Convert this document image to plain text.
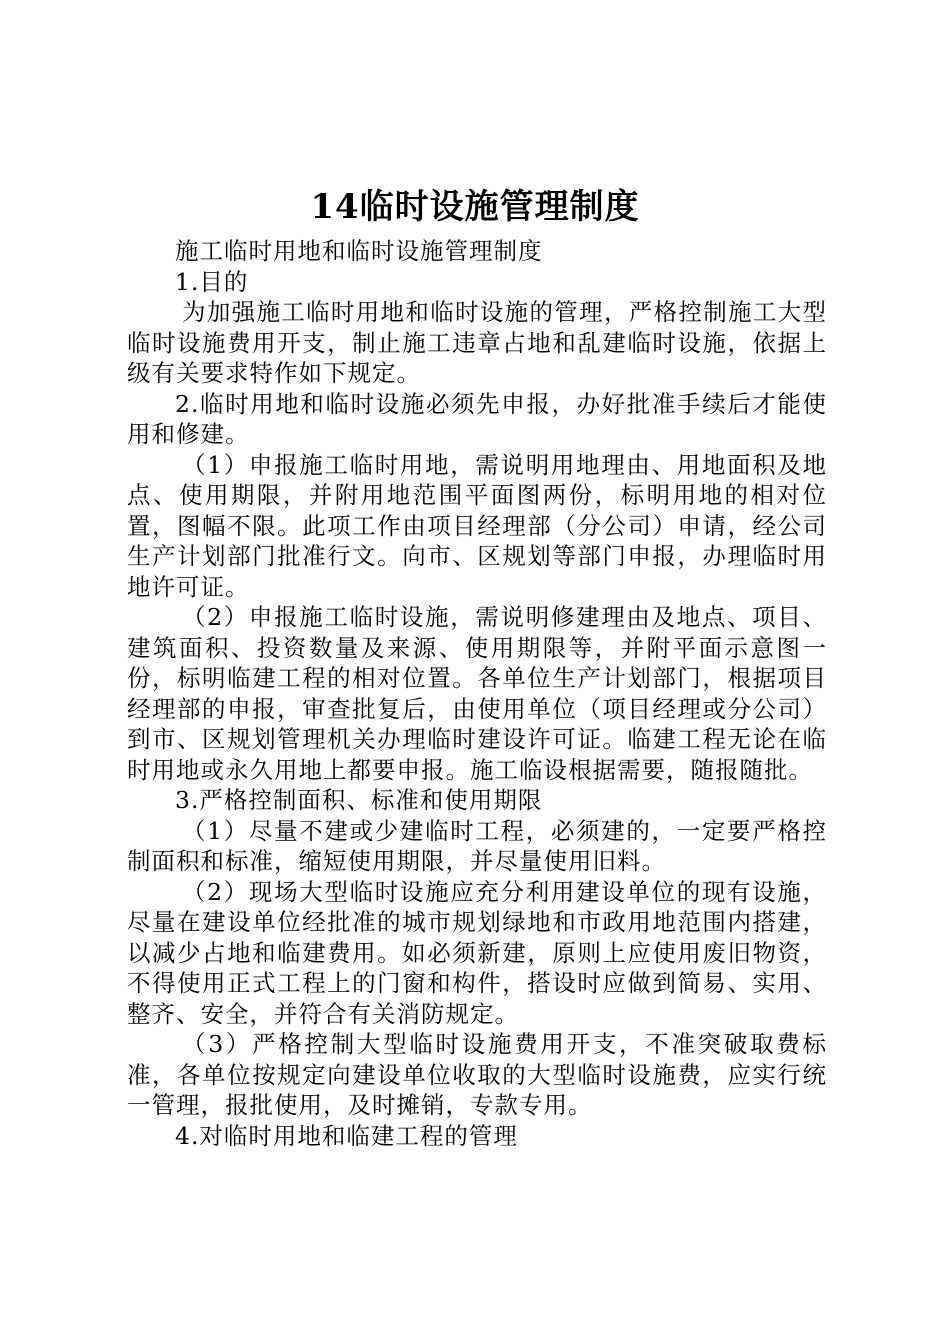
14临时设施管理制度

施工临时用地和临时设施管理制度

1.目的

为加强施工临时用地和临时设施的管理，严格控制施工大型临时设施费用开支，制止施工违章占地和乱建临时设施，依据上级有关要求特作如下规定。

2.临时用地和临时设施必须先申报，办好批准手续后才能使用和修建。

（1）申报施工临时用地，需说明用地理由、用地面积及地点、使用期限，并附用地范围平面图两份，标明用地的相对位置，图幅不限。此项工作由项目经理部（分公司）申请，经公司生产计划部门批准行文。向市、区规划等部门申报，办理临时用地许可证。

（2）申报施工临时设施，需说明修建理由及地点、项目、建筑面积、投资数量及来源、使用期限等，并附平面示意图一份，标明临建工程的相对位置。各单位生产计划部门，根据项目经理部的申报，审查批复后，由使用单位（项目经理或分公司）到市、区规划管理机关办理临时建设许可证。临建工程无论在临时用地或永久用地上都要申报。施工临设根据需要，随报随批。

3.严格控制面积、标准和使用期限

（1）尽量不建或少建临时工程，必须建的，一定要严格控制面积和标准，缩短使用期限，并尽量使用旧料。

（2）现场大型临时设施应充分利用建设单位的现有设施，尽量在建设单位经批准的城市规划绿地和市政用地范围内搭建，以减少占地和临建费用。如必须新建，原则上应使用废旧物资，不得使用正式工程上的门窗和构件，搭设时应做到简易、实用、整齐、安全，并符合有关消防规定。

（3）严格控制大型临时设施费用开支，不准突破取费标准，各单位按规定向建设单位收取的大型临时设施费，应实行统一管理，报批使用，及时摊销，专款专用。

4.对临时用地和临建工程的管理
